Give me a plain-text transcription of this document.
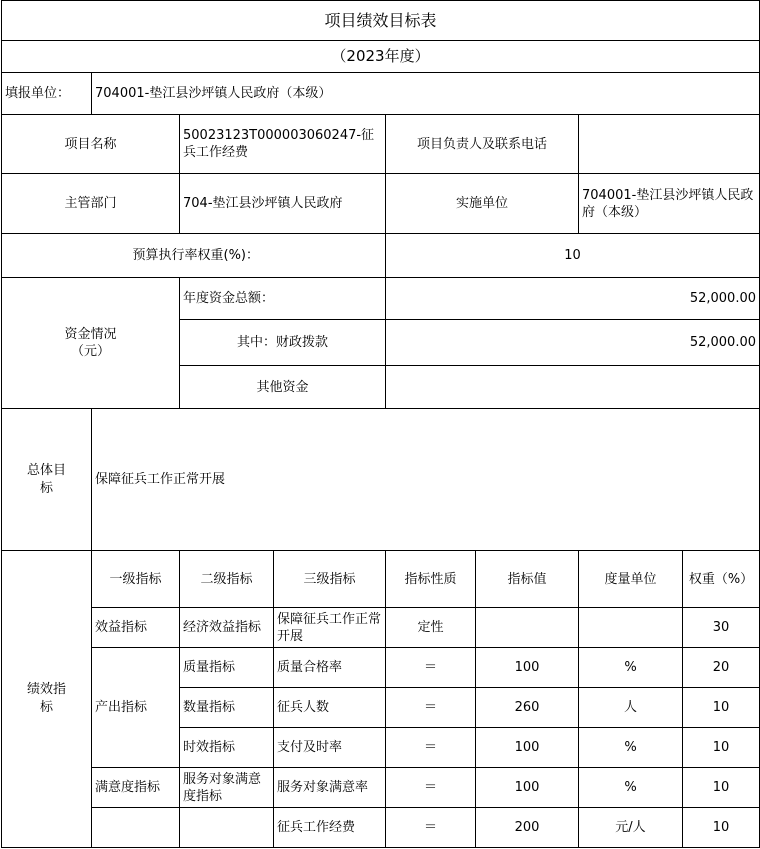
项目绩效目标表							
（2023年度）							
填报单位：	704001-垫江县沙坪镇人民政府（本级）						
项目名称		50023123T000003060247-征兵工作经费		项目负责人及联系电话			
主管部门		704-垫江县沙坪镇人民政府		实施单位		704001-垫江县沙坪镇人民政府（本级）	
预算执行率权重(%)：				10			
资金情况（元）		年度资金总额：		52,000.00			
		其中：财政拨款		52,000.00			
		其他资金					
总体目标	保障征兵工作正常开展						
绩效指标	一级指标	二级指标	三级指标	指标性质	指标值	度量单位	权重（%）
	效益指标	经济效益指标	保障征兵工作正常开展	定性			30
	产出指标	质量指标	质量合格率	＝	100	%	20
		数量指标	征兵人数	＝	260	人	10
		时效指标	支付及时率	＝	100	%	10
	满意度指标	服务对象满意度指标	服务对象满意率	＝	100	%	10
			征兵工作经费	＝	200	元/人	10
